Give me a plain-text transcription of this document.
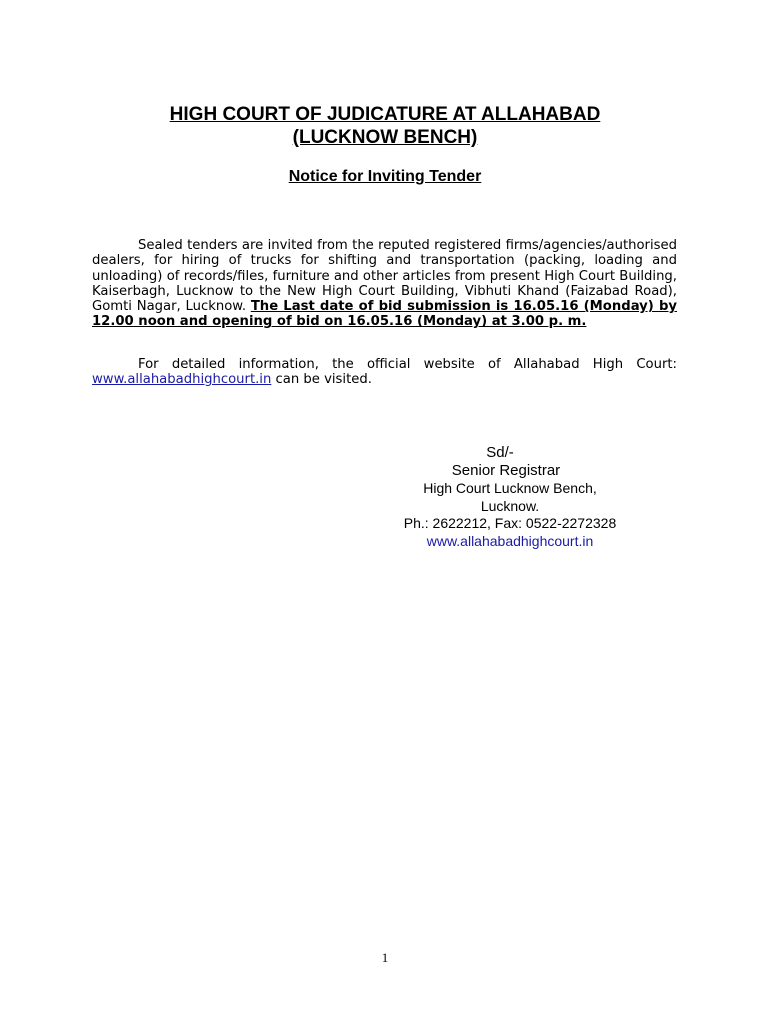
HIGH COURT OF JUDICATURE AT ALLAHABAD
(LUCKNOW BENCH)
Notice for Inviting Tender

Sealed tenders are invited from the reputed registered firms/agencies/authorised dealers, for hiring of trucks for shifting and transportation (packing, loading and unloading) of records/files, furniture and other articles from present High Court Building, Kaiserbagh, Lucknow to the New High Court Building, Vibhuti Khand (Faizabad Road), Gomti Nagar, Lucknow. The Last date of bid submission is 16.05.16 (Monday) by 12.00 noon and opening of bid on 16.05.16 (Monday) at 3.00 p. m.

For detailed information, the official website of Allahabad High Court: www.allahabadhighcourt.in can be visited.

Sd/-
Senior Registrar
High Court Lucknow Bench,
Lucknow.
Ph.: 2622212, Fax: 0522-2272328
www.allahabadhighcourt.in
1
